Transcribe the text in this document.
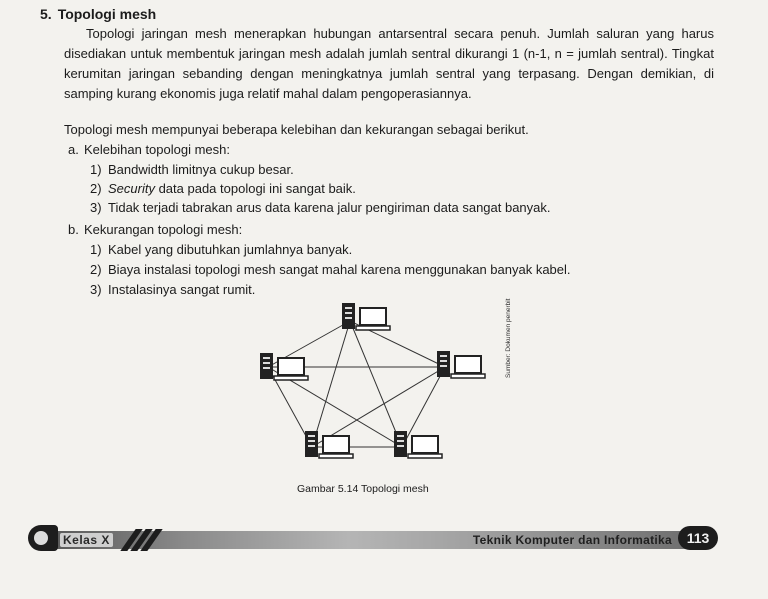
5. Topologi mesh
Topologi jaringan mesh menerapkan hubungan antarsentral secara penuh. Jumlah saluran yang harus disediakan untuk membentuk jaringan mesh adalah jumlah sentral dikurangi 1 (n-1, n = jumlah sentral). Tingkat kerumitan jaringan sebanding dengan meningkatnya jumlah sentral yang terpasang. Dengan demikian, di samping kurang ekonomis juga relatif mahal dalam pengoperasiannya.
Topologi mesh mempunyai beberapa kelebihan dan kekurangan sebagai berikut.
a. Kelebihan topologi mesh:
1) Bandwidth limitnya cukup besar.
2) Security data pada topologi ini sangat baik.
3) Tidak terjadi tabrakan arus data karena jalur pengiriman data sangat banyak.
b. Kekurangan topologi mesh:
1) Kabel yang dibutuhkan jumlahnya banyak.
2) Biaya instalasi topologi mesh sangat mahal karena menggunakan banyak kabel.
3) Instalasinya sangat rumit.
Sumber: Dokumen penerbit
Gambar 5.14 Topologi mesh
Kelas X	Teknik Komputer dan Informatika	113
